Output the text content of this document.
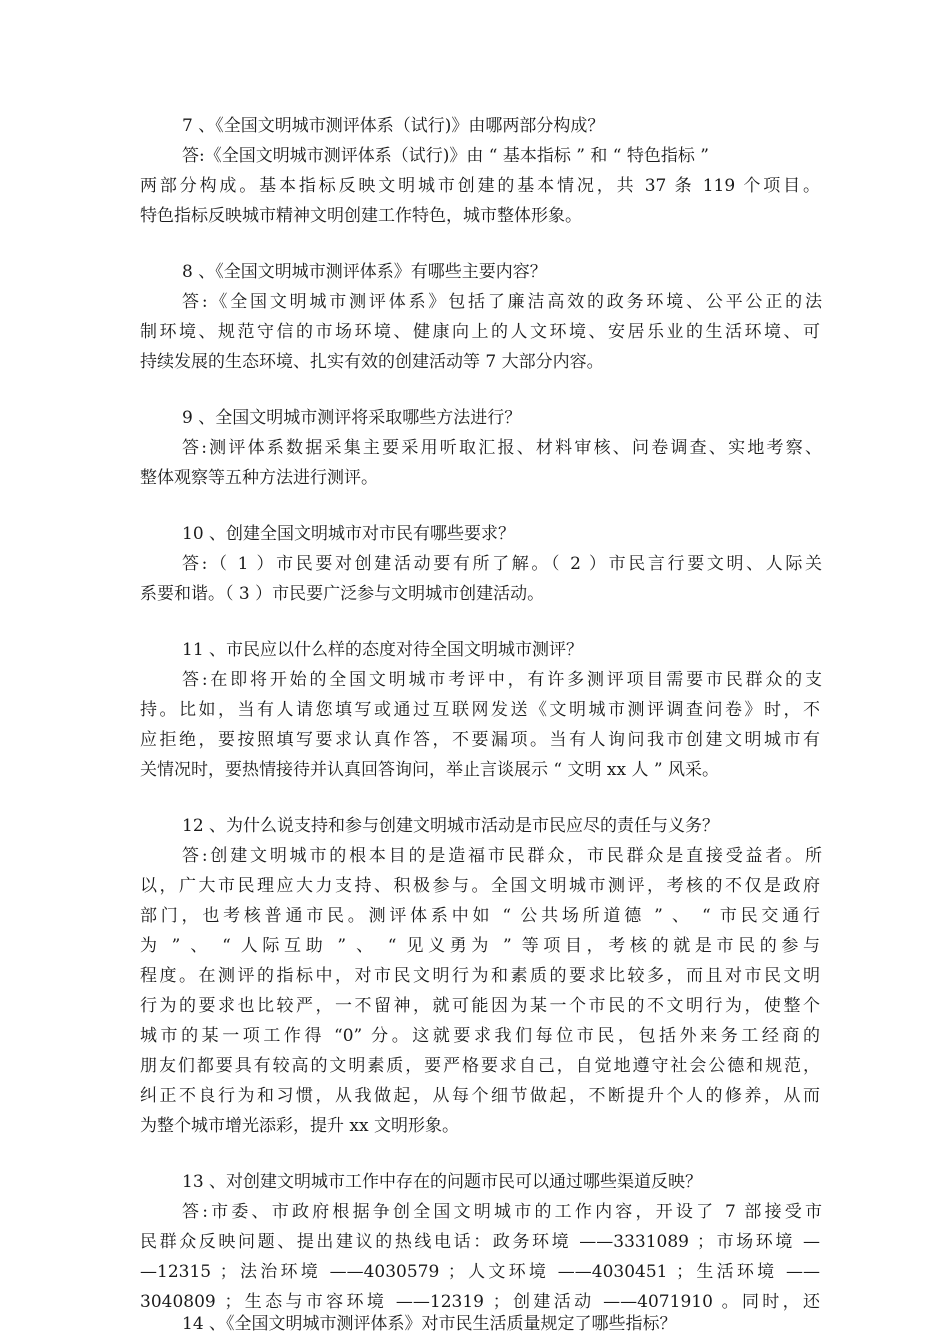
7 、《全国文明城市测评体系（试行)》由哪两部分构成？
答:《全国文明城市测评体系（试行)》由 “ 基本指标 ” 和 “ 特色指标 ”
两部分构成。基本指标反映文明城市创建的基本情况，共 37 条 119 个项目。
特色指标反映城市精神文明创建工作特色，城市整体形象。
8 、《全国文明城市测评体系》有哪些主要内容？
答:《全国文明城市测评体系》包括了廉洁高效的政务环境、公平公正的法
制环境、规范守信的市场环境、健康向上的人文环境、安居乐业的生活环境、可
持续发展的生态环境、扎实有效的创建活动等 7 大部分内容。
9 、全国文明城市测评将采取哪些方法进行？
答:测评体系数据采集主要采用听取汇报、材料审核、问卷调查、实地考察、
整体观察等五种方法进行测评。
10 、创建全国文明城市对市民有哪些要求？
答:（ 1 ）市民要对创建活动要有所了解。（ 2 ）市民言行要文明、人际关
系要和谐。（ 3 ）市民要广泛参与文明城市创建活动。
11 、市民应以什么样的态度对待全国文明城市测评？
答:在即将开始的全国文明城市考评中，有许多测评项目需要市民群众的支
持。比如，当有人请您填写或通过互联网发送《文明城市测评调查问卷》时，不
应拒绝，要按照填写要求认真作答，不要漏项。当有人询问我市创建文明城市有
关情况时，要热情接待并认真回答询问，举止言谈展示 “ 文明 xx 人 ” 风采。
12 、为什么说支持和参与创建文明城市活动是市民应尽的责任与义务？
答:创建文明城市的根本目的是造福市民群众，市民群众是直接受益者。所
以，广大市民理应大力支持、积极参与。全国文明城市测评，考核的不仅是政府
部门，也考核普通市民。测评体系中如 “ 公共场所道德 ” 、 “ 市民交通行
为 ” 、 “ 人际互助 ” 、 “ 见义勇为 ” 等项目，考核的就是市民的参与
程度。在测评的指标中，对市民文明行为和素质的要求比较多，而且对市民文明
行为的要求也比较严，一不留神，就可能因为某一个市民的不文明行为，使整个
城市的某一项工作得 “0” 分。这就要求我们每位市民，包括外来务工经商的
朋友们都要具有较高的文明素质，要严格要求自己，自觉地遵守社会公德和规范，
纠正不良行为和习惯，从我做起，从每个细节做起，不断提升个人的修养，从而
为整个城市增光添彩，提升 xx 文明形象。
13 、对创建文明城市工作中存在的问题市民可以通过哪些渠道反映？
答:市委、市政府根据争创全国文明城市的工作内容，开设了 7 部接受市
民群众反映问题、提出建议的热线电话：政务环境 ——3331089 ；市场环境 —
—12315 ；法治环境 ——4030579 ；人文环境 ——4030451 ；生活环境 ——
3040809 ；生态与市容环境 ——12319 ；创建活动 ——4071910 。同时，还
14 、《全国文明城市测评体系》对市民生活质量规定了哪些指标？
